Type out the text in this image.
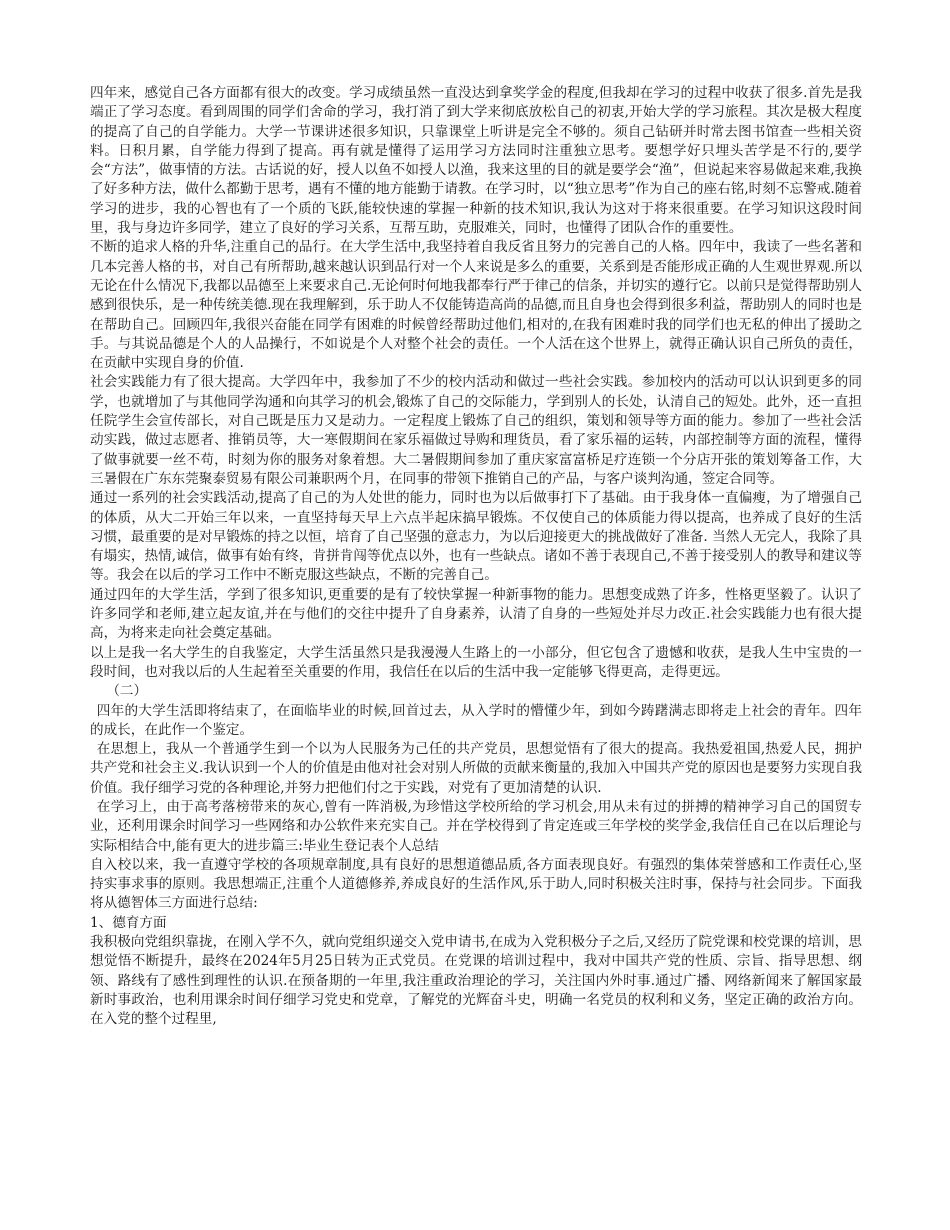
四年来，感觉自己各方面都有很大的改变。学习成绩虽然一直没达到拿奖学金的程度,但我却在学习的过程中收获了很多.首先是我端正了学习态度。看到周围的同学们舍命的学习，我打消了到大学来彻底放松自己的初衷,开始大学的学习旅程。其次是极大程度的提高了自己的自学能力。大学一节课讲述很多知识，只靠课堂上听讲是完全不够的。须自己钻研并时常去图书馆查一些相关资料。日积月累，自学能力得到了提高。再有就是懂得了运用学习方法同时注重独立思考。要想学好只埋头苦学是不行的,要学会“方法”，做事情的方法。古话说的好，授人以鱼不如授人以渔，我来这里的目的就是要学会“渔”，但说起来容易做起来难,我换了好多种方法，做什么都勤于思考，遇有不懂的地方能勤于请教。在学习时，以“独立思考”作为自己的座右铭,时刻不忘警戒.随着学习的进步，我的心智也有了一个质的飞跃,能较快速的掌握一种新的技术知识,我认为这对于将来很重要。在学习知识这段时间里，我与身边许多同学，建立了良好的学习关系，互帮互助，克服难关，同时，也懂得了团队合作的重要性。

不断的追求人格的升华,注重自己的品行。在大学生活中,我坚持着自我反省且努力的完善自己的人格。四年中，我读了一些名著和几本完善人格的书，对自己有所帮助,越来越认识到品行对一个人来说是多么的重要，关系到是否能形成正确的人生观世界观.所以无论在什么情况下,我都以品德至上来要求自己.无论何时何地我都奉行严于律己的信条，并切实的遵行它。以前只是觉得帮助别人感到很快乐，是一种传统美德.现在我理解到，乐于助人不仅能铸造高尚的品德,而且自身也会得到很多利益，帮助别人的同时也是在帮助自己。回顾四年,我很兴奋能在同学有困难的时候曾经帮助过他们,相对的,在我有困难时我的同学们也无私的伸出了援助之手。与其说品德是个人的人品操行，不如说是个人对整个社会的责任。一个人活在这个世界上，就得正确认识自己所负的责任，在贡献中实现自身的价值.

社会实践能力有了很大提高。大学四年中，我参加了不少的校内活动和做过一些社会实践。参加校内的活动可以认识到更多的同学，也就增加了与其他同学沟通和向其学习的机会,锻炼了自己的交际能力，学到别人的长处，认清自己的短处。此外，还一直担任院学生会宣传部长，对自己既是压力又是动力。一定程度上锻炼了自己的组织，策划和领导等方面的能力。参加了一些社会活动实践，做过志愿者、推销员等，大一寒假期间在家乐福做过导购和理货员，看了家乐福的运转，内部控制等方面的流程，懂得了做事就要一丝不苟，时刻为你的服务对象着想。大二暑假期间参加了重庆家富富桥足疗连锁一个分店开张的策划筹备工作，大三暑假在广东东莞聚泰贸易有限公司兼职两个月，在同事的带领下推销自己的产品，与客户谈判沟通，签定合同等。

通过一系列的社会实践活动,提高了自己的为人处世的能力，同时也为以后做事打下了基础。由于我身体一直偏瘦，为了增强自己的体质，从大二开始三年以来，一直坚持每天早上六点半起床搞早锻炼。不仅使自己的体质能力得以提高，也养成了良好的生活习惯，最重要的是对早锻炼的持之以恒，培育了自己坚强的意志力，为以后迎接更大的挑战做好了准备. 当然人无完人，我除了具有塌实，热情,诚信，做事有始有终，肯拼肯闯等优点以外，也有一些缺点。诸如不善于表现自己,不善于接受别人的教导和建议等等。我会在以后的学习工作中不断克服这些缺点，不断的完善自己。

通过四年的大学生活，学到了很多知识,更重要的是有了较快掌握一种新事物的能力。思想变成熟了许多，性格更坚毅了。认识了许多同学和老师,建立起友谊,并在与他们的交往中提升了自身素养，认清了自身的一些短处并尽力改正.社会实践能力也有很大提高，为将来走向社会奠定基础。

以上是我一名大学生的自我鉴定，大学生活虽然只是我漫漫人生路上的一小部分，但它包含了遗憾和收获，是我人生中宝贵的一段时间，也对我以后的人生起着至关重要的作用，我信任在以后的生活中我一定能够飞得更高，走得更远。

（二）

四年的大学生活即将结束了，在面临毕业的时候,回首过去，从入学时的懵懂少年，到如今踌躇满志即将走上社会的青年。四年的成长，在此作一个鉴定。

在思想上，我从一个普通学生到一个以为人民服务为己任的共产党员，思想觉悟有了很大的提高。我热爱祖国,热爱人民，拥护共产党和社会主义.我认识到一个人的价值是由他对社会对别人所做的贡献来衡量的,我加入中国共产党的原因也是要努力实现自我价值。我仔细学习党的各种理论,并努力把他们付之于实践，对党有了更加清楚的认识.

在学习上，由于高考落榜带来的灰心,曾有一阵消极,为珍惜这学校所给的学习机会,用从未有过的拼搏的精神学习自己的国贸专业，还利用课余时间学习一些网络和办公软件来充实自己。并在学校得到了肯定连或三年学校的奖学金,我信任自己在以后理论与实际相结合中,能有更大的进步篇三:毕业生登记表个人总结

自入校以来，我一直遵守学校的各项规章制度,具有良好的思想道德品质,各方面表现良好。有强烈的集体荣誉感和工作责任心,坚持实事求事的原则。我思想端正,注重个人道德修养,养成良好的生活作风,乐于助人,同时积极关注时事，保持与社会同步。下面我将从德智体三方面进行总结:

1、德育方面

我积极向党组织靠拢，在刚入学不久，就向党组织递交入党申请书,在成为入党积极分子之后,又经历了院党课和校党课的培训，思想觉悟不断提升，最终在2024年5月25日转为正式党员。在党课的培训过程中，我对中国共产党的性质、宗旨、指导思想、纲领、路线有了感性到理性的认识.在预备期的一年里,我注重政治理论的学习，关注国内外时事.通过广播、网络新闻来了解国家最新时事政治，也利用课余时间仔细学习党史和党章，了解党的光辉奋斗史，明确一名党员的权利和义务，坚定正确的政治方向。在入党的整个过程里,
